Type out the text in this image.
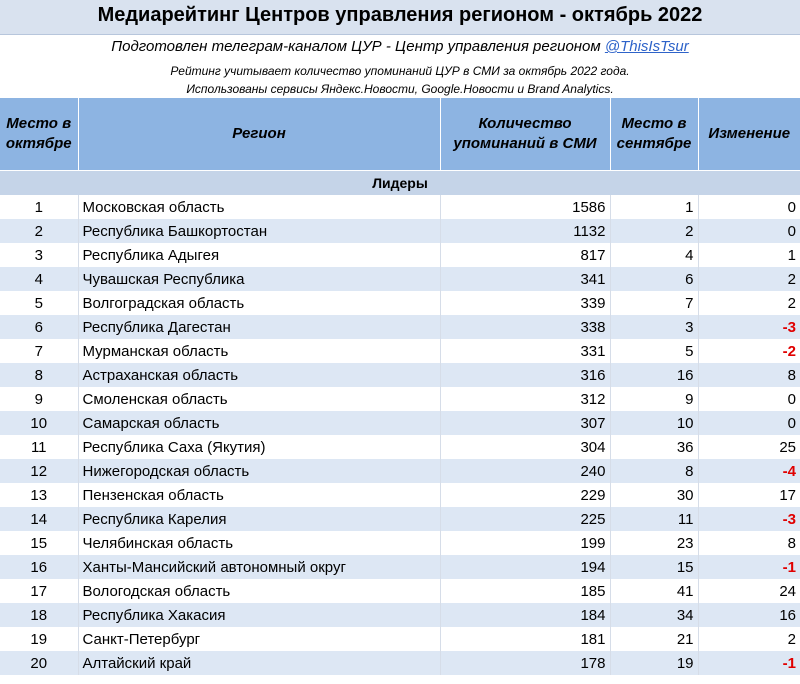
Медиарейтинг Центров управления регионом - октябрь 2022
Подготовлен телеграм-каналом ЦУР - Центр управления регионом @ThisIsTsur
Рейтинг учитывает количество упоминаний ЦУР в СМИ за октябрь 2022 года.
Использованы сервисы Яндекс.Новости, Google.Новости и Brand Analytics.
Место в октябре	Регион	Количество упоминаний в СМИ	Место в сентябре	Изменение
Лидеры				
1	Московская область	1586	1	0
2	Республика Башкортостан	1132	2	0
3	Республика Адыгея	817	4	1
4	Чувашская Республика	341	6	2
5	Волгоградская область	339	7	2
6	Республика Дагестан	338	3	-3
7	Мурманская область	331	5	-2
8	Астраханская область	316	16	8
9	Смоленская область	312	9	0
10	Самарская область	307	10	0
11	Республика Саха (Якутия)	304	36	25
12	Нижегородская область	240	8	-4
13	Пензенская область	229	30	17
14	Республика Карелия	225	11	-3
15	Челябинская область	199	23	8
16	Ханты-Мансийский автономный округ	194	15	-1
17	Вологодская область	185	41	24
18	Республика Хакасия	184	34	16
19	Санкт-Петербург	181	21	2
20	Алтайский край	178	19	-1
